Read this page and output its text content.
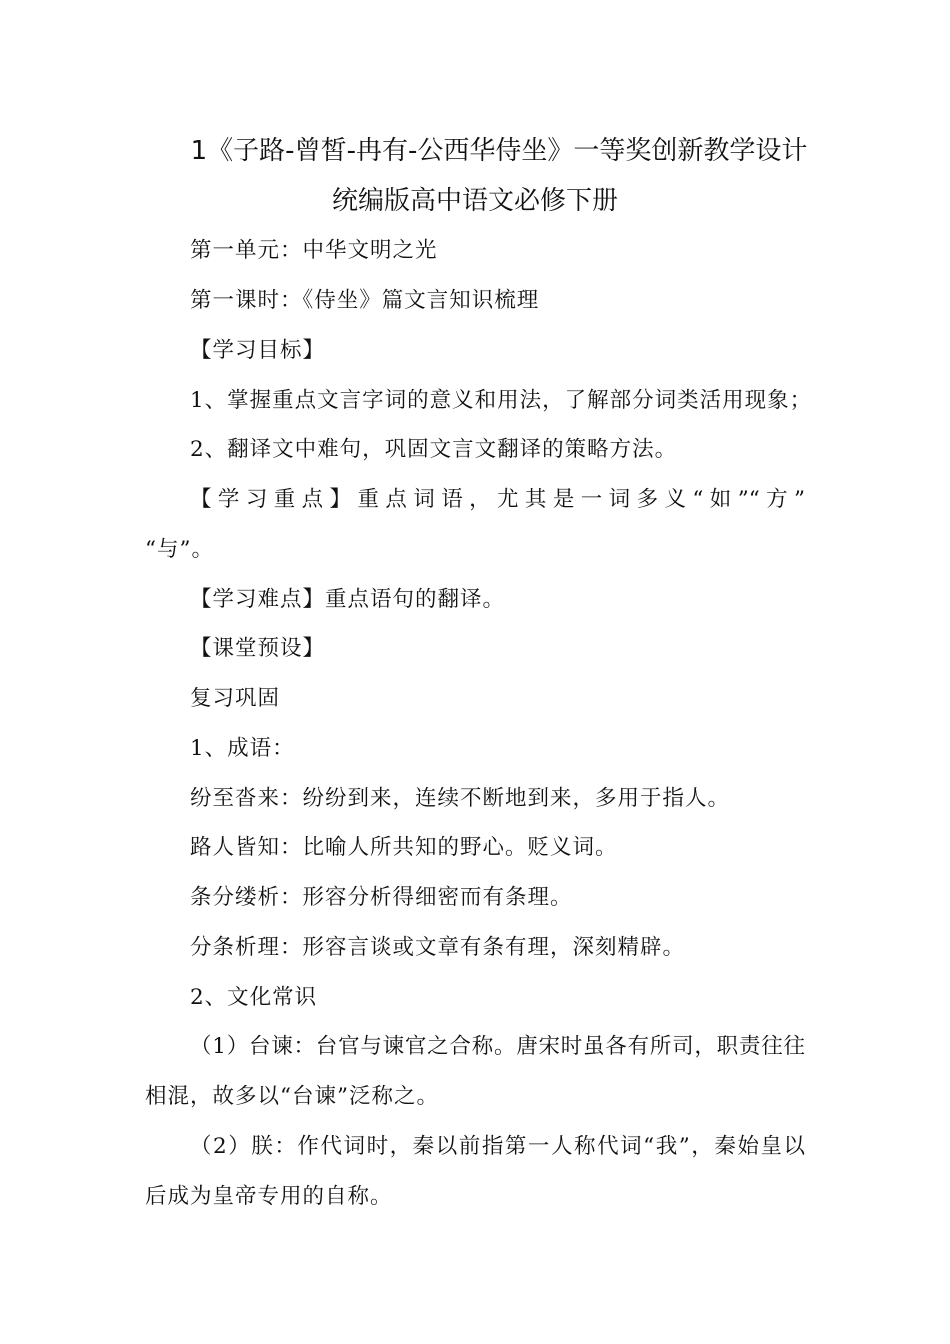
1《子路-曾皙-冉有-公西华侍坐》一等奖创新教学设计
统编版高中语文必修下册
第一单元：中华文明之光
第一课时：《侍坐》篇文言知识梳理
【学习目标】
1、掌握重点文言字词的意义和用法，了解部分词类活用现象；
2、翻译文中难句，巩固文言文翻译的策略方法。
【学习重点】重点词语，尤其是一词多义“如”“方”
“与”。
【学习难点】重点语句的翻译。
【课堂预设】
复习巩固
1、成语：
纷至沓来：纷纷到来，连续不断地到来，多用于指人。
路人皆知：比喻人所共知的野心。贬义词。
条分缕析：形容分析得细密而有条理。
分条析理：形容言谈或文章有条有理，深刻精辟。
2、文化常识
（1）台谏：台官与谏官之合称。唐宋时虽各有所司，职责往往
相混，故多以“台谏”泛称之。
（2）朕：作代词时，秦以前指第一人称代词“我”，秦始皇以
后成为皇帝专用的自称。
